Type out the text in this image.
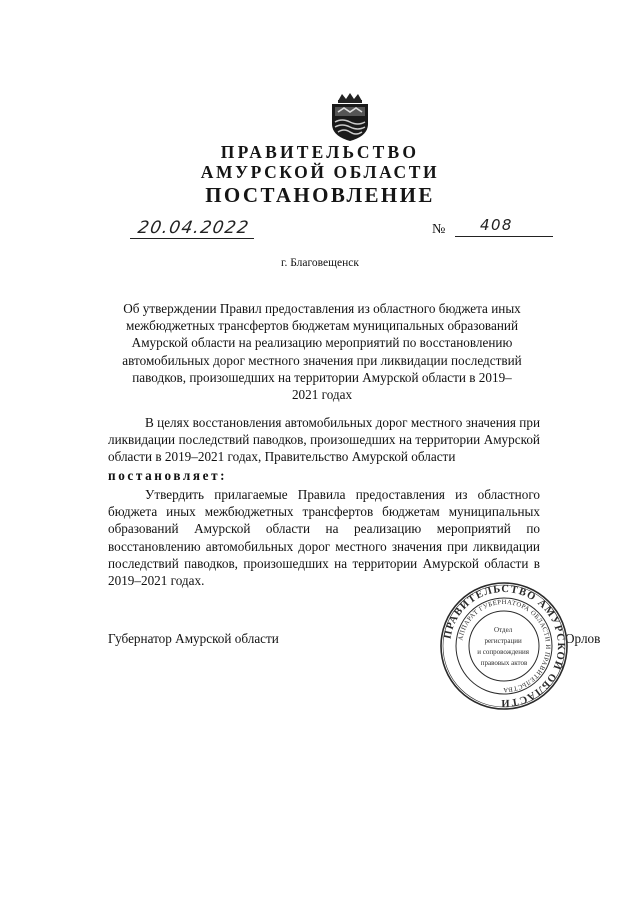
ПРАВИТЕЛЬСТВО
АМУРСКОЙ ОБЛАСТИ
ПОСТАНОВЛЕНИЕ
20.04.2022	№ 408
г. Благовещенск
Об утверждении Правил предоставления из областного бюджета иных межбюджетных трансфертов бюджетам муниципальных образований Амурской области на реализацию мероприятий по восстановлению автомобильных дорог местного значения при ликвидации последствий паводков, произошедших на территории Амурской области в 2019–2021 годах
В целях восстановления автомобильных дорог местного значения при ликвидации последствий паводков, произошедших на территории Амурской области в 2019–2021 годах, Правительство Амурской области
постановляет:
Утвердить прилагаемые Правила предоставления из областного бюджета иных межбюджетных трансфертов бюджетам муниципальных образований Амурской области на реализацию мероприятий по восстановлению автомобильных дорог местного значения при ликвидации последствий паводков, произошедших на территории Амурской области в 2019–2021 годах.
Губернатор Амурской области	Орлов
ПРАВИТЕЛЬСТВО АМУРСКОЙ ОБЛАСТИ
АППАРАТ ГУБЕРНАТОРА ОБЛАСТИ И ПРАВИТЕЛЬСТВА
Отдел регистрации и сопровождения правовых актов
